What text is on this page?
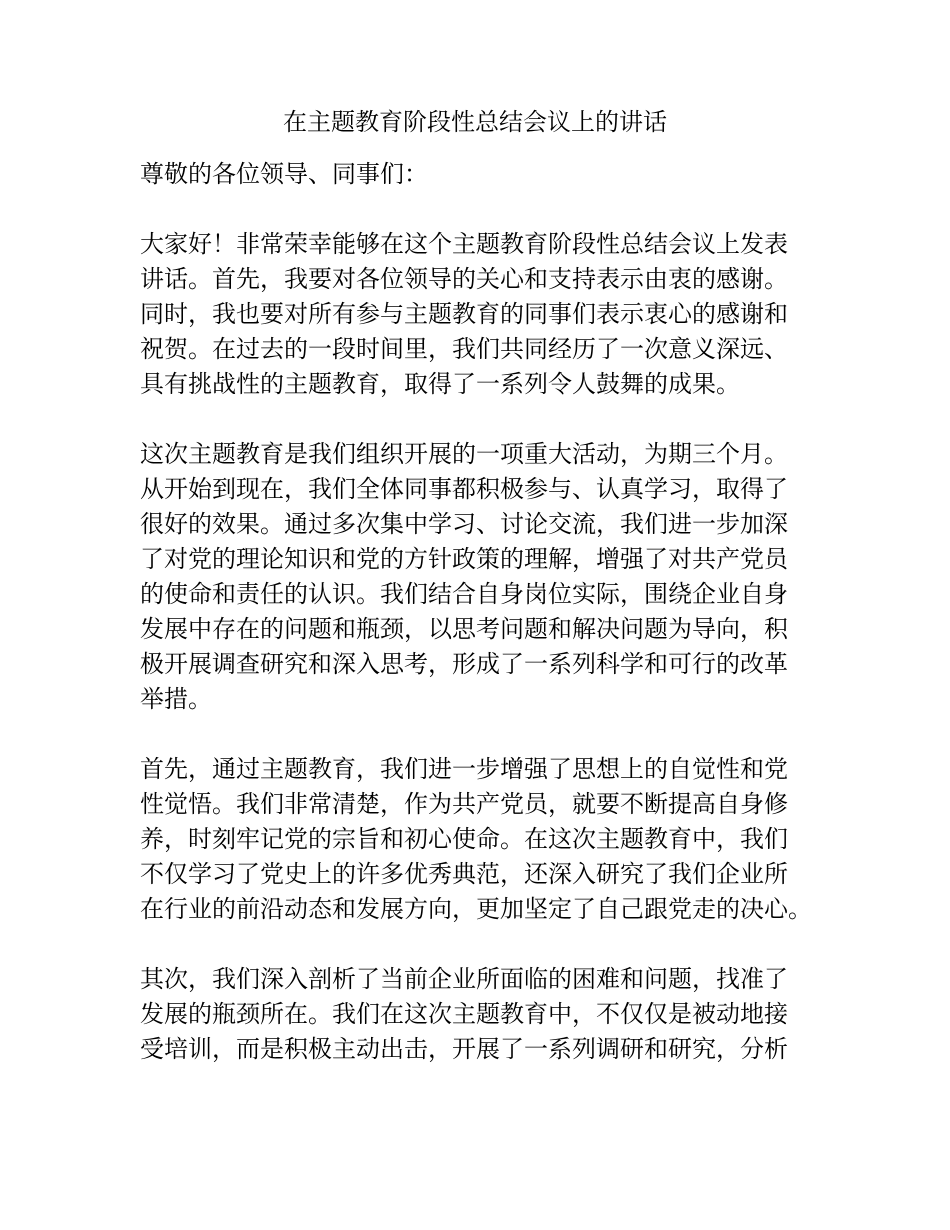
在主题教育阶段性总结会议上的讲话
尊敬的各位领导、同事们：
大家好！非常荣幸能够在这个主题教育阶段性总结会议上发表
讲话。首先，我要对各位领导的关心和支持表示由衷的感谢。
同时，我也要对所有参与主题教育的同事们表示衷心的感谢和
祝贺。在过去的一段时间里，我们共同经历了一次意义深远、
具有挑战性的主题教育，取得了一系列令人鼓舞的成果。
这次主题教育是我们组织开展的一项重大活动，为期三个月。
从开始到现在，我们全体同事都积极参与、认真学习，取得了
很好的效果。通过多次集中学习、讨论交流，我们进一步加深
了对党的理论知识和党的方针政策的理解，增强了对共产党员
的使命和责任的认识。我们结合自身岗位实际，围绕企业自身
发展中存在的问题和瓶颈，以思考问题和解决问题为导向，积
极开展调查研究和深入思考，形成了一系列科学和可行的改革
举措。
首先，通过主题教育，我们进一步增强了思想上的自觉性和党
性觉悟。我们非常清楚，作为共产党员，就要不断提高自身修
养，时刻牢记党的宗旨和初心使命。在这次主题教育中，我们
不仅学习了党史上的许多优秀典范，还深入研究了我们企业所
在行业的前沿动态和发展方向，更加坚定了自己跟党走的决心。
其次，我们深入剖析了当前企业所面临的困难和问题，找准了
发展的瓶颈所在。我们在这次主题教育中，不仅仅是被动地接
受培训，而是积极主动出击，开展了一系列调研和研究，分析
